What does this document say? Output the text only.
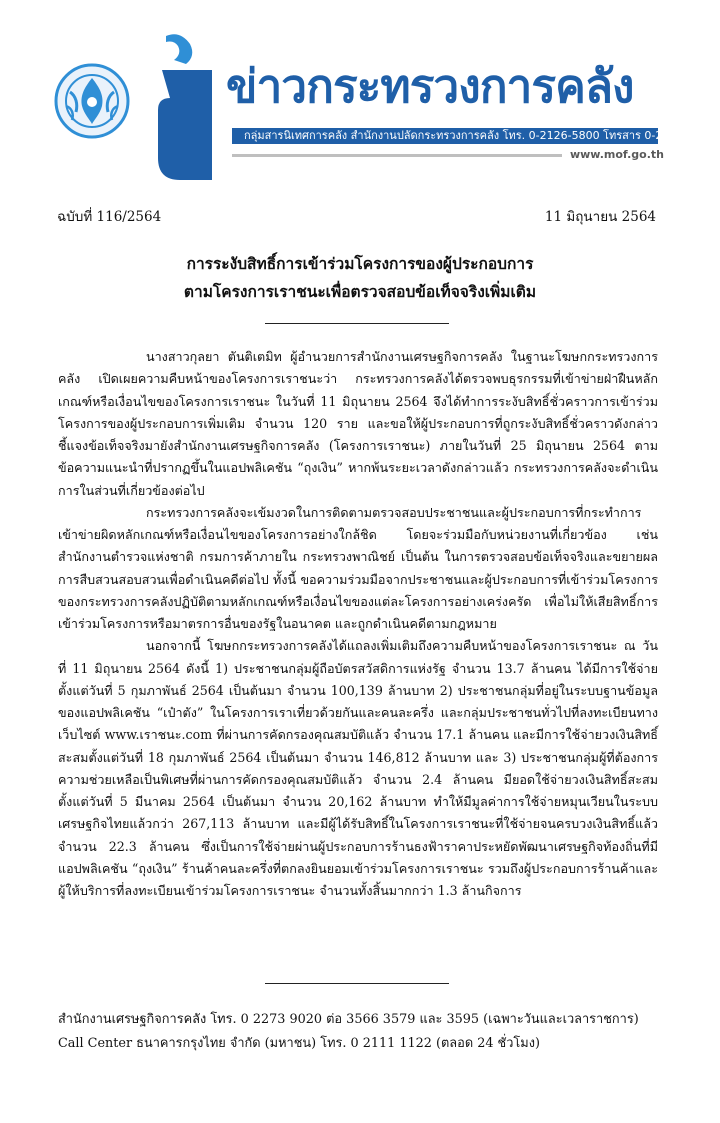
ข่าวกระทรวงการคลัง
กลุ่มสารนิเทศการคลัง สำนักงานปลัดกระทรวงการคลัง โทร. 0-2126-5800 โทรสาร 0-2273-9763
www.mof.go.th
ฉบับที่ 116/2564	11 มิถุนายน 2564
การระงับสิทธิ์การเข้าร่วมโครงการของผู้ประกอบการ
ตามโครงการเราชนะเพื่อตรวจสอบข้อเท็จจริงเพิ่มเติม

นางสาวกุลยา ตันติเตมิท ผู้อำนวยการสำนักงานเศรษฐกิจการคลัง ในฐานะโฆษกกระทรวงการคลัง เปิดเผยความคืบหน้าของโครงการเราชนะว่า กระทรวงการคลังได้ตรวจพบธุรกรรมที่เข้าข่ายฝ่าฝืนหลักเกณฑ์หรือเงื่อนไขของโครงการเราชนะ ในวันที่ 11 มิถุนายน 2564 จึงได้ทำการระงับสิทธิ์ชั่วคราวการเข้าร่วมโครงการของผู้ประกอบการเพิ่มเติม จำนวน 120 ราย และขอให้ผู้ประกอบการที่ถูกระงับสิทธิ์ชั่วคราวดังกล่าวชี้แจงข้อเท็จจริงมายังสำนักงานเศรษฐกิจการคลัง (โครงการเราชนะ) ภายในวันที่ 25 มิถุนายน 2564 ตามข้อความแนะนำที่ปรากฏขึ้นในแอปพลิเคชัน “ถุงเงิน” หากพ้นระยะเวลาดังกล่าวแล้ว กระทรวงการคลังจะดำเนินการในส่วนที่เกี่ยวข้องต่อไป

กระทรวงการคลังจะเข้มงวดในการติดตามตรวจสอบประชาชนและผู้ประกอบการที่กระทำการเข้าข่ายผิดหลักเกณฑ์หรือเงื่อนไขของโครงการอย่างใกล้ชิด โดยจะร่วมมือกับหน่วยงานที่เกี่ยวข้อง เช่น สำนักงานตำรวจแห่งชาติ กรมการค้าภายใน กระทรวงพาณิชย์ เป็นต้น ในการตรวจสอบข้อเท็จจริงและขยายผลการสืบสวนสอบสวนเพื่อดำเนินคดีต่อไป ทั้งนี้ ขอความร่วมมือจากประชาชนและผู้ประกอบการที่เข้าร่วมโครงการของกระทรวงการคลังปฏิบัติตามหลักเกณฑ์หรือเงื่อนไขของแต่ละโครงการอย่างเคร่งครัด เพื่อไม่ให้เสียสิทธิ์การเข้าร่วมโครงการหรือมาตรการอื่นของรัฐในอนาคต และถูกดำเนินคดีตามกฎหมาย

นอกจากนี้ โฆษกกระทรวงการคลังได้แถลงเพิ่มเติมถึงความคืบหน้าของโครงการเราชนะ ณ วันที่ 11 มิถุนายน 2564 ดังนี้ 1) ประชาชนกลุ่มผู้ถือบัตรสวัสดิการแห่งรัฐ จำนวน 13.7 ล้านคน ได้มีการใช้จ่ายตั้งแต่วันที่ 5 กุมภาพันธ์ 2564 เป็นต้นมา จำนวน 100,139 ล้านบาท 2) ประชาชนกลุ่มที่อยู่ในระบบฐานข้อมูลของแอปพลิเคชัน “เป๋าตัง” ในโครงการเราเที่ยวด้วยกันและคนละครึ่ง และกลุ่มประชาชนทั่วไปที่ลงทะเบียนทางเว็บไซต์ www.เราชนะ.com ที่ผ่านการคัดกรองคุณสมบัติแล้ว จำนวน 17.1 ล้านคน และมีการใช้จ่ายวงเงินสิทธิ์สะสมตั้งแต่วันที่ 18 กุมภาพันธ์ 2564 เป็นต้นมา จำนวน 146,812 ล้านบาท และ 3) ประชาชนกลุ่มผู้ที่ต้องการความช่วยเหลือเป็นพิเศษที่ผ่านการคัดกรองคุณสมบัติแล้ว จำนวน 2.4 ล้านคน มียอดใช้จ่ายวงเงินสิทธิ์สะสมตั้งแต่วันที่ 5 มีนาคม 2564 เป็นต้นมา จำนวน 20,162 ล้านบาท ทำให้มีมูลค่าการใช้จ่ายหมุนเวียนในระบบเศรษฐกิจไทยแล้วกว่า 267,113 ล้านบาท และมีผู้ได้รับสิทธิ์ในโครงการเราชนะที่ใช้จ่ายจนครบวงเงินสิทธิ์แล้ว จำนวน 22.3 ล้านคน ซึ่งเป็นการใช้จ่ายผ่านผู้ประกอบการร้านธงฟ้าราคาประหยัดพัฒนาเศรษฐกิจท้องถิ่นที่มีแอปพลิเคชัน “ถุงเงิน” ร้านค้าคนละครึ่งที่ตกลงยินยอมเข้าร่วมโครงการเราชนะ รวมถึงผู้ประกอบการร้านค้าและผู้ให้บริการที่ลงทะเบียนเข้าร่วมโครงการเราชนะ จำนวนทั้งสิ้นมากกว่า 1.3 ล้านกิจการ

สำนักงานเศรษฐกิจการคลัง โทร. 0 2273 9020 ต่อ 3566 3579 และ 3595 (เฉพาะวันและเวลาราชการ)
Call Center ธนาคารกรุงไทย จำกัด (มหาชน) โทร. 0 2111 1122 (ตลอด 24 ชั่วโมง)
